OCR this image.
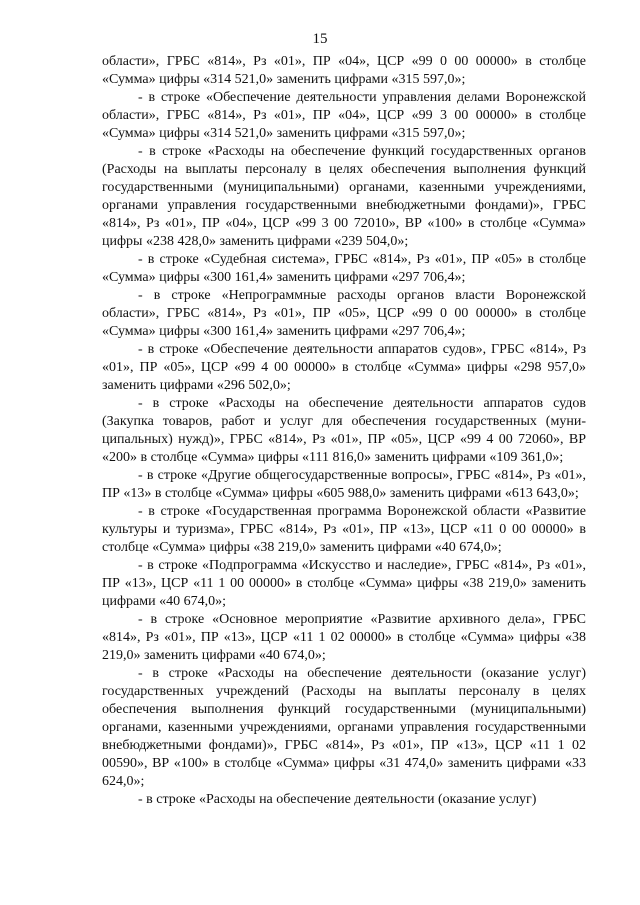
15

области», ГРБС «814», Рз «01», ПР «04», ЦСР «99 0 00 00000» в столбце «Сумма» цифры «314 521,0» заменить цифрами «315 597,0»;

- в строке «Обеспечение деятельности управления делами Воронежской области», ГРБС «814», Рз «01», ПР «04», ЦСР «99 3 00 00000» в столбце «Сумма» цифры «314 521,0» заменить цифрами «315 597,0»;

- в строке «Расходы на обеспечение функций государственных органов (Расходы на выплаты персоналу в целях обеспечения выполнения функций государственными (муниципальными) органами, казенными учреждениями, органами управления государственными внебюджетными фондами)», ГРБС «814», Рз «01», ПР «04», ЦСР «99 3 00 72010», ВР «100» в столбце «Сумма» цифры «238 428,0» заменить цифрами «239 504,0»;

- в строке «Судебная система», ГРБС «814», Рз «01», ПР «05» в столбце «Сумма» цифры «300 161,4» заменить цифрами «297 706,4»;

- в строке «Непрограммные расходы органов власти Воронежской области», ГРБС «814», Рз «01», ПР «05», ЦСР «99 0 00 00000» в столбце «Сумма» цифры «300 161,4» заменить цифрами «297 706,4»;

- в строке «Обеспечение деятельности аппаратов судов», ГРБС «814», Рз «01», ПР «05», ЦСР «99 4 00 00000» в столбце «Сумма» цифры «298 957,0» заменить цифрами «296 502,0»;

- в строке «Расходы на обеспечение деятельности аппаратов судов (Закупка товаров, работ и услуг для обеспечения государственных (муниципальных) нужд)», ГРБС «814», Рз «01», ПР «05», ЦСР «99 4 00 72060», ВР «200» в столбце «Сумма» цифры «111 816,0» заменить цифрами «109 361,0»;

- в строке «Другие общегосударственные вопросы», ГРБС «814», Рз «01», ПР «13» в столбце «Сумма» цифры «605 988,0» заменить цифрами «613 643,0»;

- в строке «Государственная программа Воронежской области «Развитие культуры и туризма», ГРБС «814», Рз «01», ПР «13», ЦСР «11 0 00 00000» в столбце «Сумма» цифры «38 219,0» заменить цифрами «40 674,0»;

- в строке «Подпрограмма «Искусство и наследие», ГРБС «814», Рз «01», ПР «13», ЦСР «11 1 00 00000» в столбце «Сумма» цифры «38 219,0» заменить цифрами «40 674,0»;

- в строке «Основное мероприятие «Развитие архивного дела», ГРБС «814», Рз «01», ПР «13», ЦСР «11 1 02 00000» в столбце «Сумма» цифры «38 219,0» заменить цифрами «40 674,0»;

- в строке «Расходы на обеспечение деятельности (оказание услуг) государственных учреждений (Расходы на выплаты персоналу в целях обеспечения выполнения функций государственными (муниципальными) органами, казенными учреждениями, органами управления государственными внебюджетными фондами)», ГРБС «814», Рз «01», ПР «13», ЦСР «11 1 02 00590», ВР «100» в столбце «Сумма» цифры «31 474,0» заменить цифрами «33 624,0»;

- в строке «Расходы на обеспечение деятельности (оказание услуг)
